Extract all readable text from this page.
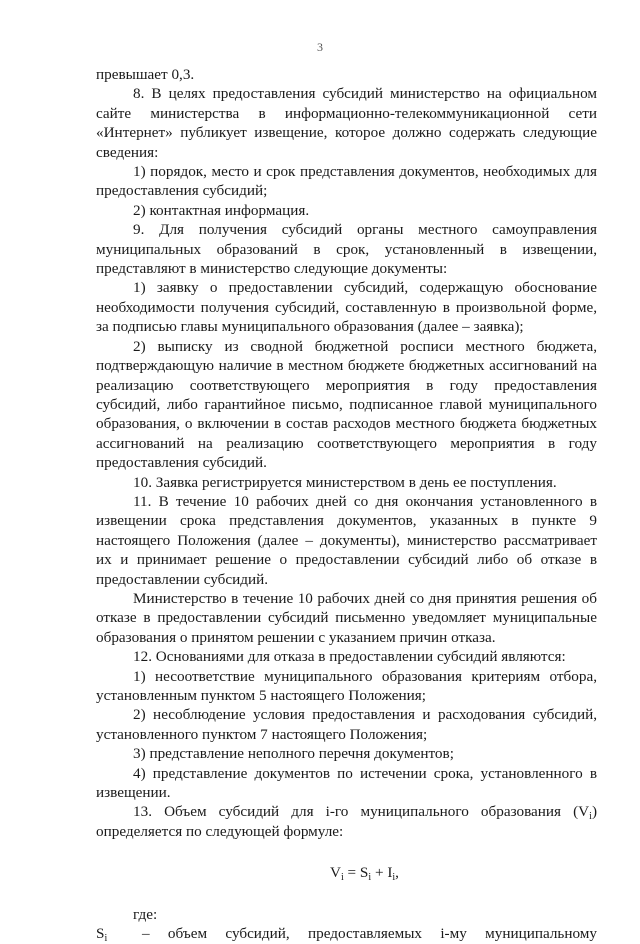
3

превышает 0,3.

8. В целях предоставления субсидий министерство на официальном сайте министерства в информационно-телекоммуникационной сети «Интернет» публикует извещение, которое должно содержать следующие сведения:

1) порядок, место и срок представления документов, необходимых для предоставления субсидий;

2) контактная информация.

9. Для получения субсидий органы местного самоуправления муниципальных образований в срок, установленный в извещении, представляют в министерство следующие документы:

1) заявку о предоставлении субсидий, содержащую обоснование необходимости получения субсидий, составленную в произвольной форме, за подписью главы муниципального образования (далее – заявка);

2) выписку из сводной бюджетной росписи местного бюджета, подтверждающую наличие в местном бюджете бюджетных ассигнований на реализацию соответствующего мероприятия в году предоставления субсидий, либо гарантийное письмо, подписанное главой муниципального образования, о включении в состав расходов местного бюджета бюджетных ассигнований на реализацию соответствующего мероприятия в году предоставления субсидий.

10. Заявка регистрируется министерством в день ее поступления.

11. В течение 10 рабочих дней со дня окончания установленного в извещении срока представления документов, указанных в пункте 9 настоящего Положения (далее – документы), министерство рассматривает их и принимает решение о предоставлении субсидий либо об отказе в предоставлении субсидий.

Министерство в течение 10 рабочих дней со дня принятия решения об отказе в предоставлении субсидий письменно уведомляет муниципальные образования о принятом решении с указанием причин отказа.

12. Основаниями для отказа в предоставлении субсидий являются:

1) несоответствие муниципального образования критериям отбора, установленным пунктом 5 настоящего Положения;

2) несоблюдение условия предоставления и расходования субсидий, установленного пунктом 7 настоящего Положения;

3) представление неполного перечня документов;

4) представление документов по истечении срока, установленного в извещении.

13. Объем субсидий для i-го муниципального образования $(V_i)$ определяется по следующей формуле:

$V_i = S_i + I_i$,

где:

$S_i$	– объем субсидий, предоставляемых i-му муниципальному
